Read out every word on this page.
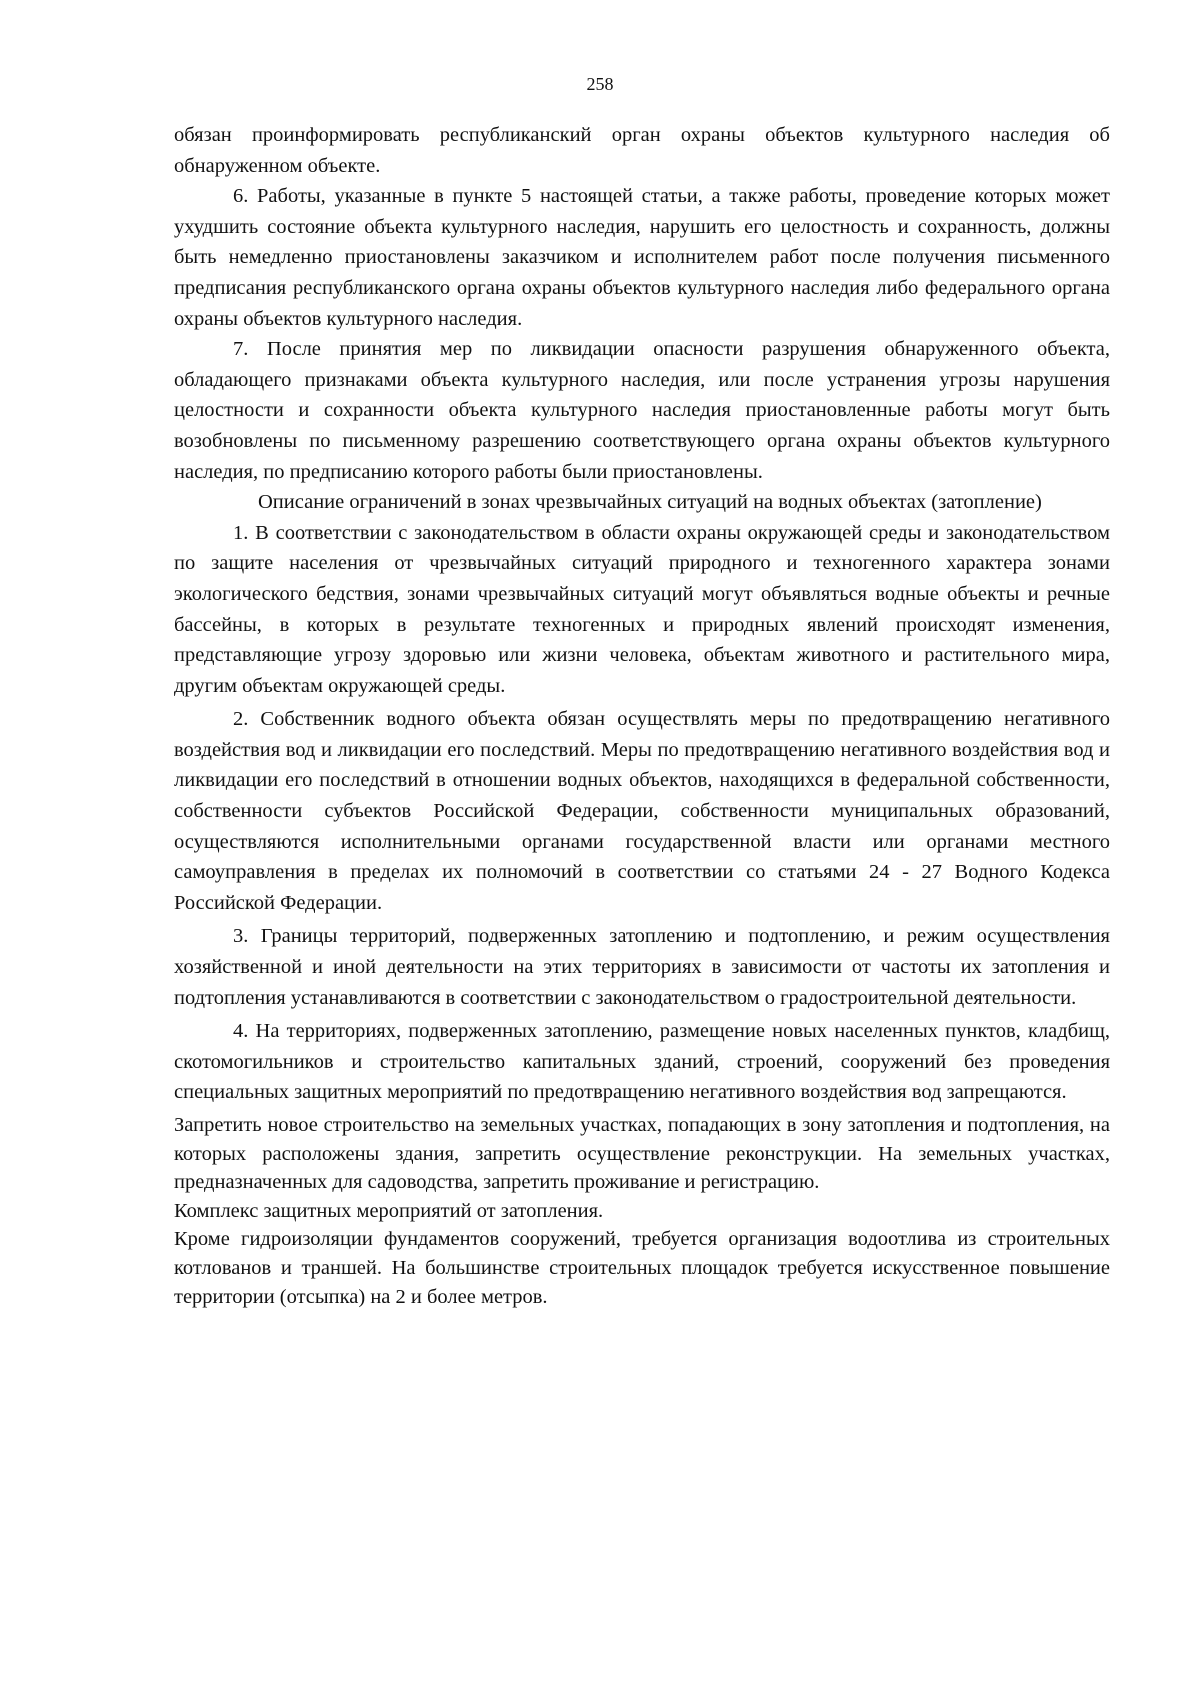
258

обязан проинформировать республиканский орган охраны объектов культурного наследия об обнаруженном объекте.

6. Работы, указанные в пункте 5 настоящей статьи, а также работы, проведение которых может ухудшить состояние объекта культурного наследия, нарушить его целостность и сохранность, должны быть немедленно приостановлены заказчиком и исполнителем работ после получения письменного предписания республиканского органа охраны объектов культурного наследия либо федерального органа охраны объектов культурного наследия.

7. После принятия мер по ликвидации опасности разрушения обнаруженного объекта, обладающего признаками объекта культурного наследия, или после устранения угрозы нарушения целостности и сохранности объекта культурного наследия приостановленные работы могут быть возобновлены по письменному разрешению соответствующего органа охраны объектов культурного наследия, по предписанию которого работы были приостановлены.

Описание ограничений в зонах чрезвычайных ситуаций на водных объектах (затопление)

1. В соответствии с законодательством в области охраны окружающей среды и законодательством по защите населения от чрезвычайных ситуаций природного и техногенного характера зонами экологического бедствия, зонами чрезвычайных ситуаций могут объявляться водные объекты и речные бассейны, в которых в результате техногенных и природных явлений происходят изменения, представляющие угрозу здоровью или жизни человека, объектам животного и растительного мира, другим объектам окружающей среды.

2. Собственник водного объекта обязан осуществлять меры по предотвращению негативного воздействия вод и ликвидации его последствий. Меры по предотвращению негативного воздействия вод и ликвидации его последствий в отношении водных объектов, находящихся в федеральной собственности, собственности субъектов Российской Федерации, собственности муниципальных образований, осуществляются исполнительными органами государственной власти или органами местного самоуправления в пределах их полномочий в соответствии со статьями 24 - 27 Водного Кодекса Российской Федерации.

3. Границы территорий, подверженных затоплению и подтоплению, и режим осуществления хозяйственной и иной деятельности на этих территориях в зависимости от частоты их затопления и подтопления устанавливаются в соответствии с законодательством о градостроительной деятельности.

4. На территориях, подверженных затоплению, размещение новых населенных пунктов, кладбищ, скотомогильников и строительство капитальных зданий, строений, сооружений без проведения специальных защитных мероприятий по предотвращению негативного воздействия вод запрещаются.

Запретить новое строительство на земельных участках, попадающих в зону затопления и подтопления, на которых расположены здания, запретить осуществление реконструкции. На земельных участках, предназначенных для садоводства, запретить проживание и регистрацию.

Комплекс защитных мероприятий от затопления.

Кроме гидроизоляции фундаментов сооружений, требуется организация водоотлива из строительных котлованов и траншей. На большинстве строительных площадок требуется искусственное повышение территории (отсыпка) на 2 и более метров.
